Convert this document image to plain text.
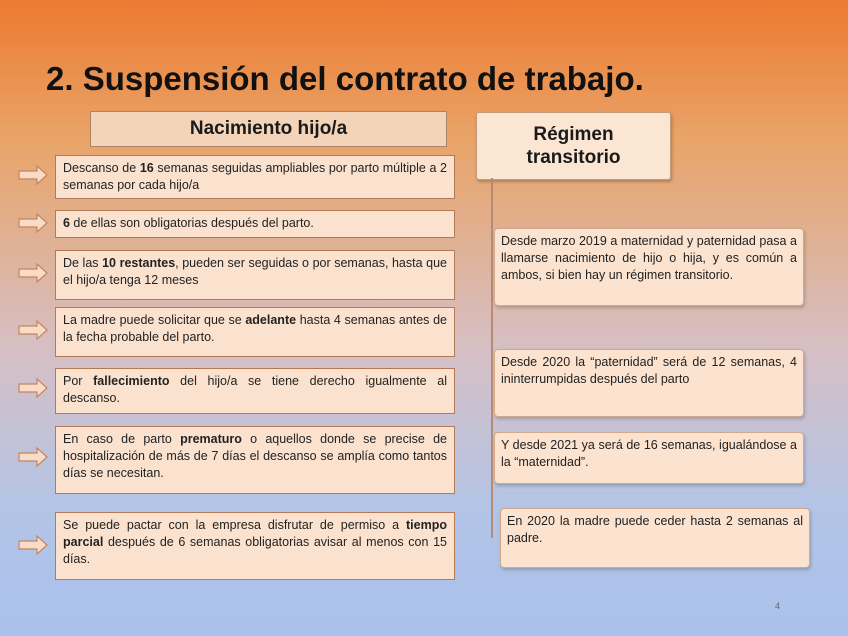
2. Suspensión del contrato de trabajo.
Nacimiento hijo/a	Régimen
transitorio
Descanso de 16 semanas seguidas ampliables por parto múltiple a 2 semanas por cada hijo/a
6 de ellas son obligatorias después del parto.
De las 10 restantes, pueden ser seguidas o por semanas, hasta que el hijo/a tenga 12 meses
La madre puede solicitar que se adelante hasta 4 semanas antes de la fecha probable del parto.
Por fallecimiento del hijo/a se tiene derecho igualmente al descanso.
En caso de parto prematuro o aquellos donde se precise de hospitalización de más de 7 días el descanso se amplía como tantos días se necesitan.
Se puede pactar con la empresa disfrutar de permiso a tiempo parcial después de 6 semanas obligatorias avisar al menos con 15 días.
Desde marzo 2019 a maternidad y paternidad pasa a llamarse nacimiento de hijo o hija, y es común a ambos, si bien hay un régimen transitorio.
Desde 2020 la “paternidad” será de 12 semanas, 4 ininterrumpidas después del parto
Y desde 2021 ya será de 16 semanas, igualándose a la “maternidad”.
En 2020 la madre puede ceder hasta 2 semanas al padre.
4
